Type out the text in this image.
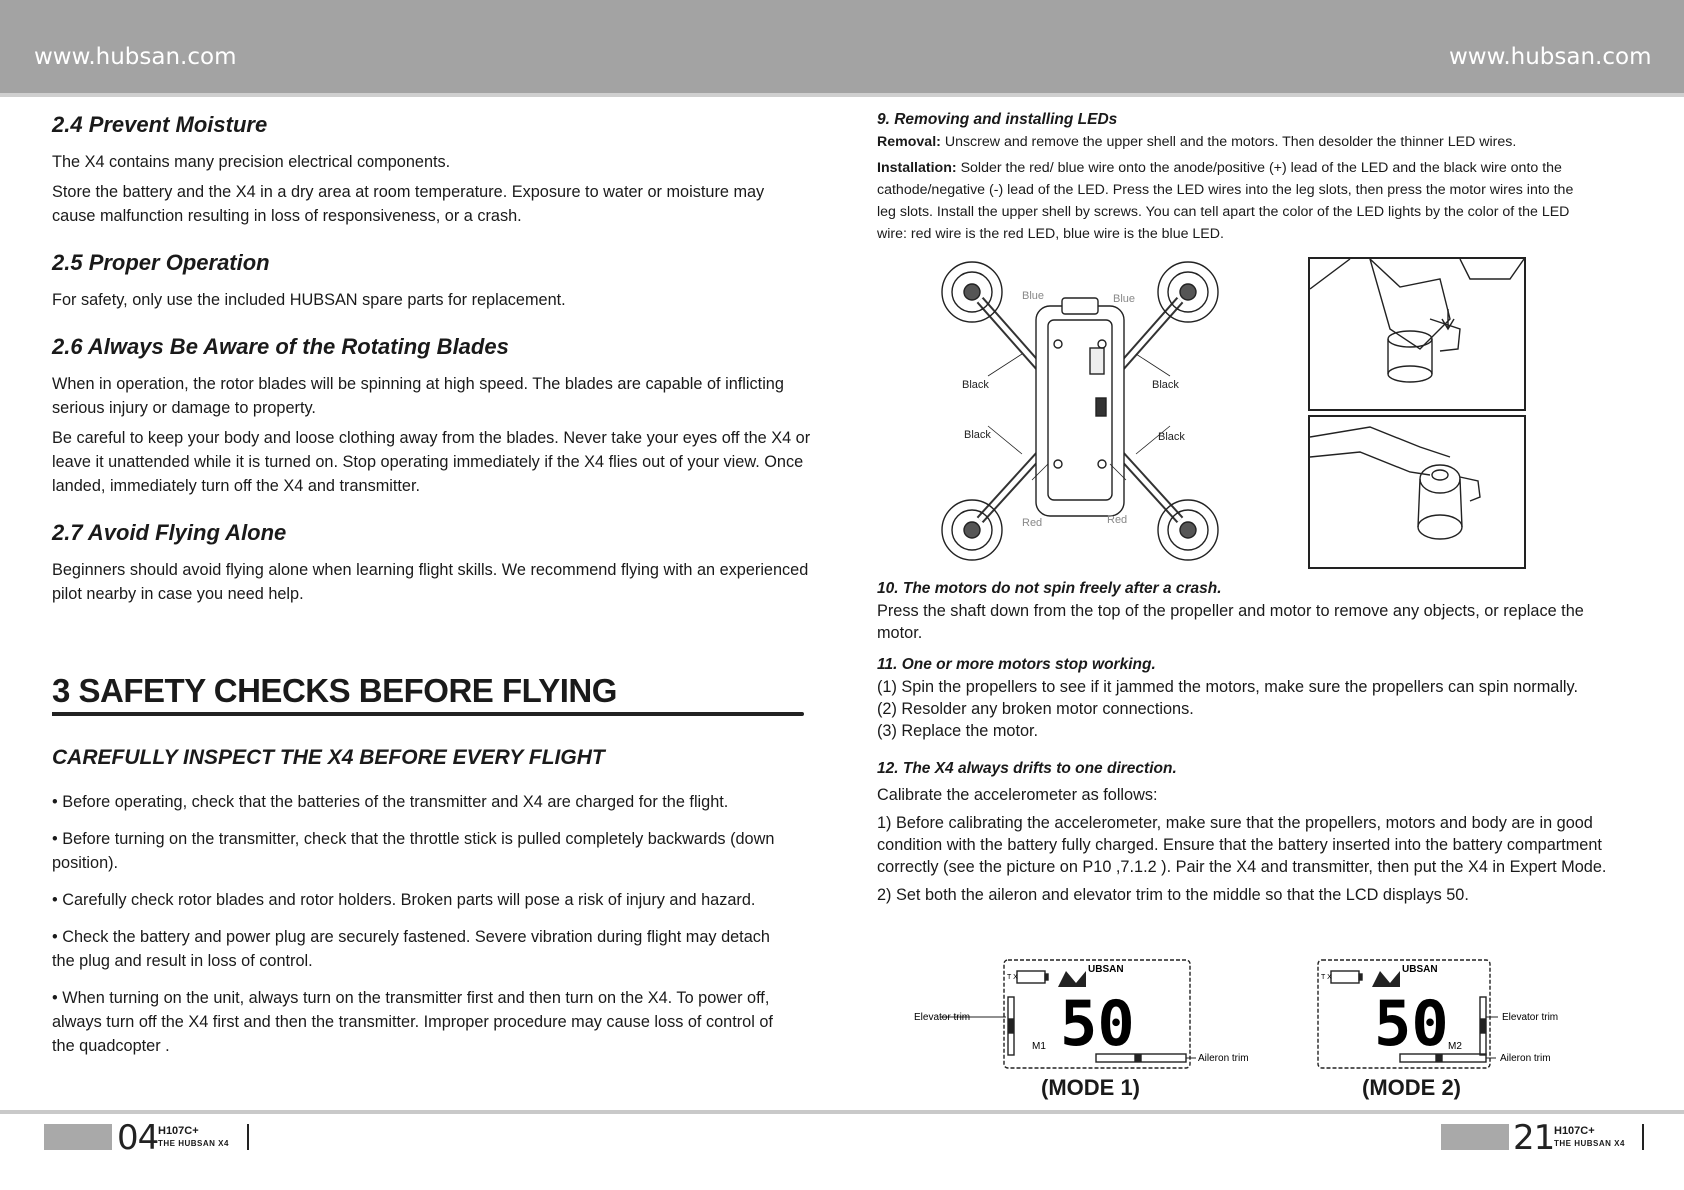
www.hubsan.com	www.hubsan.com
2.4 Prevent Moisture

The X4 contains many precision electrical components.

Store the battery and the X4 in a dry area at room temperature. Exposure to water or moisture may cause malfunction resulting in loss of responsiveness, or a crash.

2.5 Proper Operation

For safety, only use the included HUBSAN spare parts for replacement.

2.6 Always Be Aware of the Rotating Blades

When in operation, the rotor blades will be spinning at high speed. The blades are capable of inflicting serious injury or damage to property.

Be careful to keep your body and loose clothing away from the blades. Never take your eyes off the X4 or leave it unattended while it is turned on. Stop operating immediately if the X4 flies out of your view. Once landed, immediately turn off the X4 and transmitter.

2.7 Avoid Flying Alone

Beginners should avoid flying alone when learning flight skills. We recommend flying with an experienced pilot nearby in case you need help.

3 SAFETY CHECKS BEFORE FLYING
CAREFULLY INSPECT THE X4 BEFORE EVERY FLIGHT

• Before operating, check that the batteries of the transmitter and X4 are charged for the flight.

• Before turning on the transmitter, check that the throttle stick is pulled completely backwards (down position).

• Carefully check rotor blades and rotor holders. Broken parts will pose a risk of injury and hazard.

• Check the battery and power plug are securely fastened. Severe vibration during flight may detach the plug and result in loss of control.

• When turning on the unit, always turn on the transmitter first and then turn on the X4. To power off, always turn off the X4 first and then the transmitter. Improper procedure may cause loss of control of the quadcopter .

9. Removing and installing LEDs

Removal: Unscrew and remove the upper shell and the motors. Then desolder the thinner LED wires.

Installation: Solder the red/ blue wire onto the anode/positive (+) lead of the LED and the black wire onto the cathode/negative (-) lead of the LED. Press the LED wires into the leg slots, then press the motor wires into the leg slots. Install the upper shell by screws. You can tell apart the color of the LED lights by the color of the LED wire: red wire is the red LED, blue wire is the blue LED.

Blue	Blue
Black	Black
Black	Black
Red	Red
10. The motors do not spin freely after a crash.

Press the shaft down from the top of the propeller and motor to remove any objects, or replace the motor.

11. One or more motors stop working.

(1) Spin the propellers to see if it jammed the motors, make sure the propellers can spin normally.

(2) Resolder any broken motor connections.

(3) Replace the motor.

12. The X4 always drifts to one direction.

Calibrate the accelerometer as follows:

1) Before calibrating the accelerometer, make sure that the propellers, motors and body are in good condition with the battery fully charged. Ensure that the battery inserted into the battery compartment correctly (see the picture on P10 ,7.1.2 ). Pair the X4 and transmitter, then put the X4 in Expert Mode.

2) Set both the aileron and elevator trim to the middle so that the LCD displays 50.

UBSAN
T X
50
M1
Elevator trim
Aileron trim
(MODE 1)
UBSAN
T X
50 M2
Elevator trim
Aileron trim
(MODE 2)
04 H107C+
THE HUBSAN X4	21 H107C+
THE HUBSAN X4
